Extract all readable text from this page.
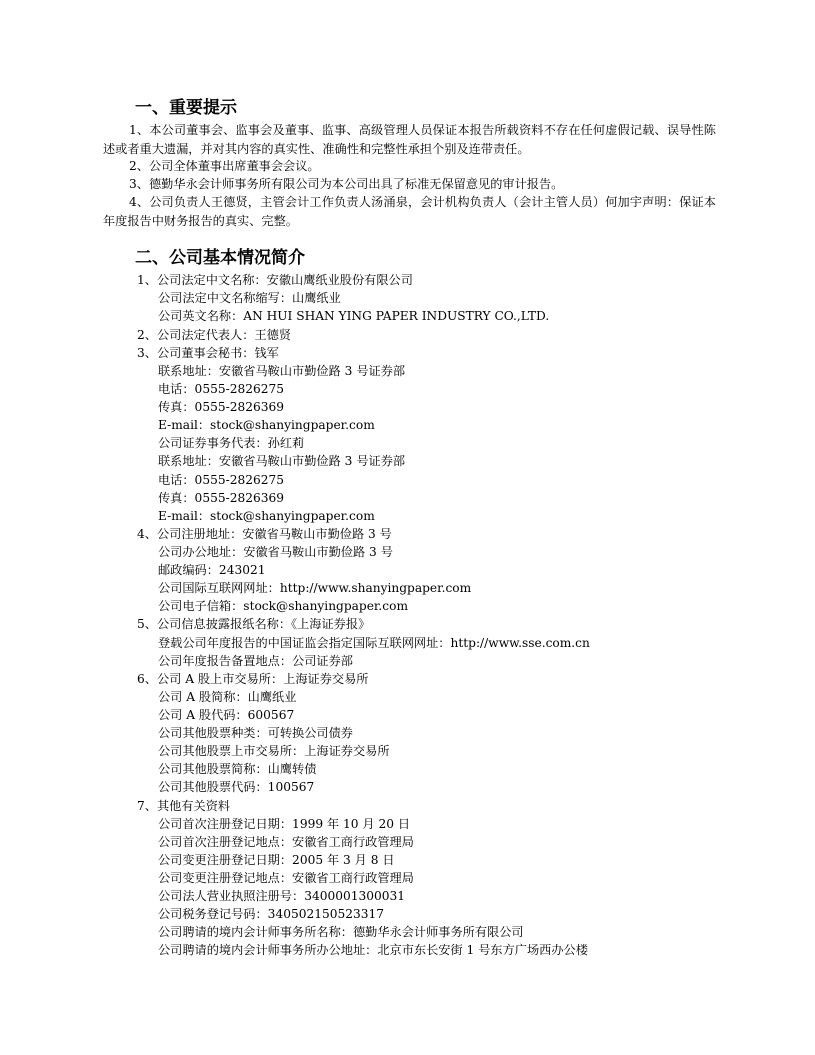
一、重要提示

1、本公司董事会、监事会及董事、监事、高级管理人员保证本报告所载资料不存在任何虚假记载、误导性陈述或者重大遗漏，并对其内容的真实性、准确性和完整性承担个别及连带责任。

2、公司全体董事出席董事会会议。

3、德勤华永会计师事务所有限公司为本公司出具了标准无保留意见的审计报告。

4、公司负责人王德贤，主管会计工作负责人汤涌泉，会计机构负责人（会计主管人员）何加宇声明：保证本年度报告中财务报告的真实、完整。

二、公司基本情况简介
1、公司法定中文名称：安徽山鹰纸业股份有限公司
公司法定中文名称缩写：山鹰纸业
公司英文名称：AN HUI SHAN YING PAPER INDUSTRY CO.,LTD.
2、公司法定代表人：王德贤
3、公司董事会秘书：钱军
联系地址：安徽省马鞍山市勤俭路 3 号证券部
电话：0555-2826275
传真：0555-2826369
E-mail：stock@shanyingpaper.com
公司证券事务代表：孙红莉
联系地址：安徽省马鞍山市勤俭路 3 号证券部
电话：0555-2826275
传真：0555-2826369
E-mail：stock@shanyingpaper.com
4、公司注册地址：安徽省马鞍山市勤俭路 3 号
公司办公地址：安徽省马鞍山市勤俭路 3 号
邮政编码：243021
公司国际互联网网址：http://www.shanyingpaper.com
公司电子信箱：stock@shanyingpaper.com
5、公司信息披露报纸名称：《上海证券报》
登载公司年度报告的中国证监会指定国际互联网网址：http://www.sse.com.cn
公司年度报告备置地点：公司证券部
6、公司 A 股上市交易所：上海证券交易所
公司 A 股简称：山鹰纸业
公司 A 股代码：600567
公司其他股票种类：可转换公司债券
公司其他股票上市交易所：上海证券交易所
公司其他股票简称：山鹰转债
公司其他股票代码：100567
7、其他有关资料
公司首次注册登记日期：1999 年 10 月 20 日
公司首次注册登记地点：安徽省工商行政管理局
公司变更注册登记日期：2005 年 3 月 8 日
公司变更注册登记地点：安徽省工商行政管理局
公司法人营业执照注册号：3400001300031
公司税务登记号码：340502150523317
公司聘请的境内会计师事务所名称：德勤华永会计师事务所有限公司
公司聘请的境内会计师事务所办公地址：北京市东长安街 1 号东方广场西办公楼
